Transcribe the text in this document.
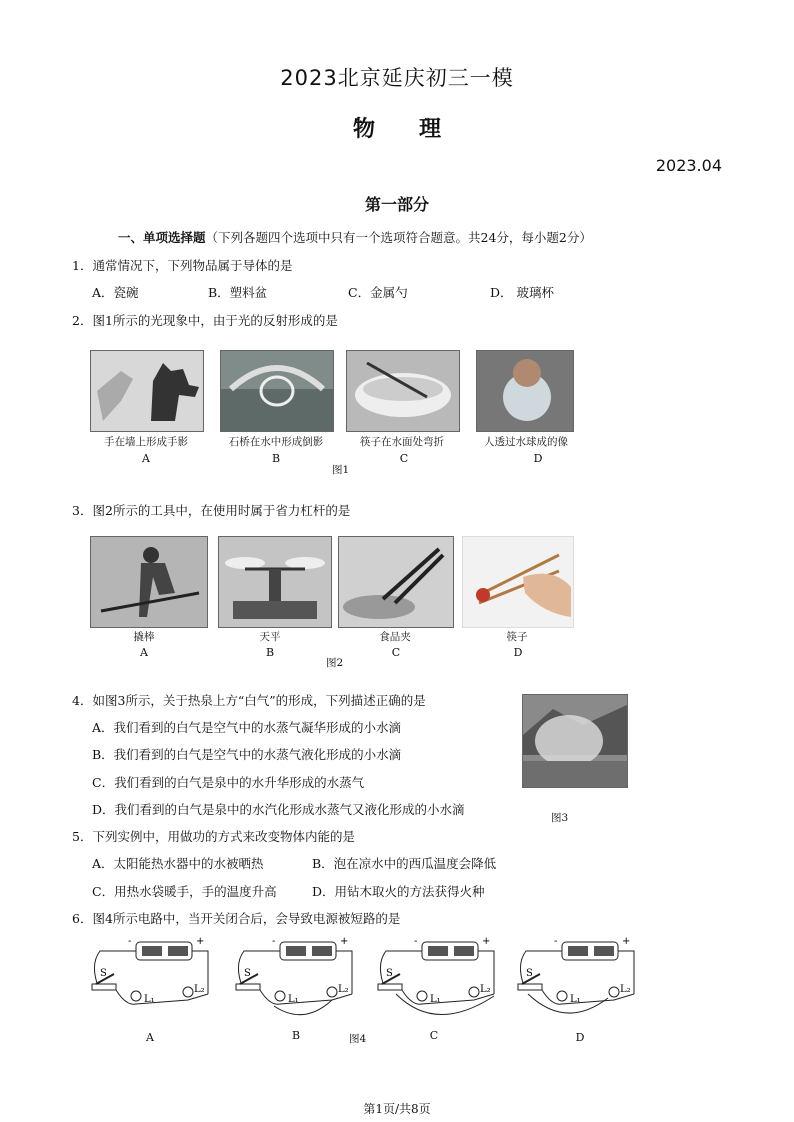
2023北京延庆初三一模
物 理
2023.04
第一部分
一、单项选择题（下列各题四个选项中只有一个选项符合题意。共24分，每小题2分）
1．通常情况下，下列物品属于导体的是
A．瓷碗	B．塑料盆	C．金属勺	D． 玻璃杯
2．图1所示的光现象中，由于光的反射形成的是
手在墙上形成手影	石桥在水中形成倒影	筷子在水面处弯折	人透过水球成的像
A	B	C	D
图1
3．图2所示的工具中，在使用时属于省力杠杆的是
撬棒	天平	食品夹	筷子
A	B	C	D
图2
4．如图3所示，关于热泉上方“白气”的形成，下列描述正确的是
A．我们看到的白气是空气中的水蒸气凝华形成的小水滴
B．我们看到的白气是空气中的水蒸气液化形成的小水滴
C．我们看到的白气是泉中的水升华形成的水蒸气
D．我们看到的白气是泉中的水汽化形成水蒸气又液化形成的小水滴
图3
5．下列实例中，用做功的方式来改变物体内能的是
A．太阳能热水器中的水被晒热	B．泡在凉水中的西瓜温度会降低
C．用热水袋暖手，手的温度升高	D．用钻木取火的方法获得火种
6．图4所示电路中，当开关闭合后，会导致电源被短路的是
-	+
S
L₁
L₂
-	+
S
L₁
L₂
-	+
S
L₁
L₂
-	+
S
L₁
L₂
A	B	C	D
图4
第1页/共8页
